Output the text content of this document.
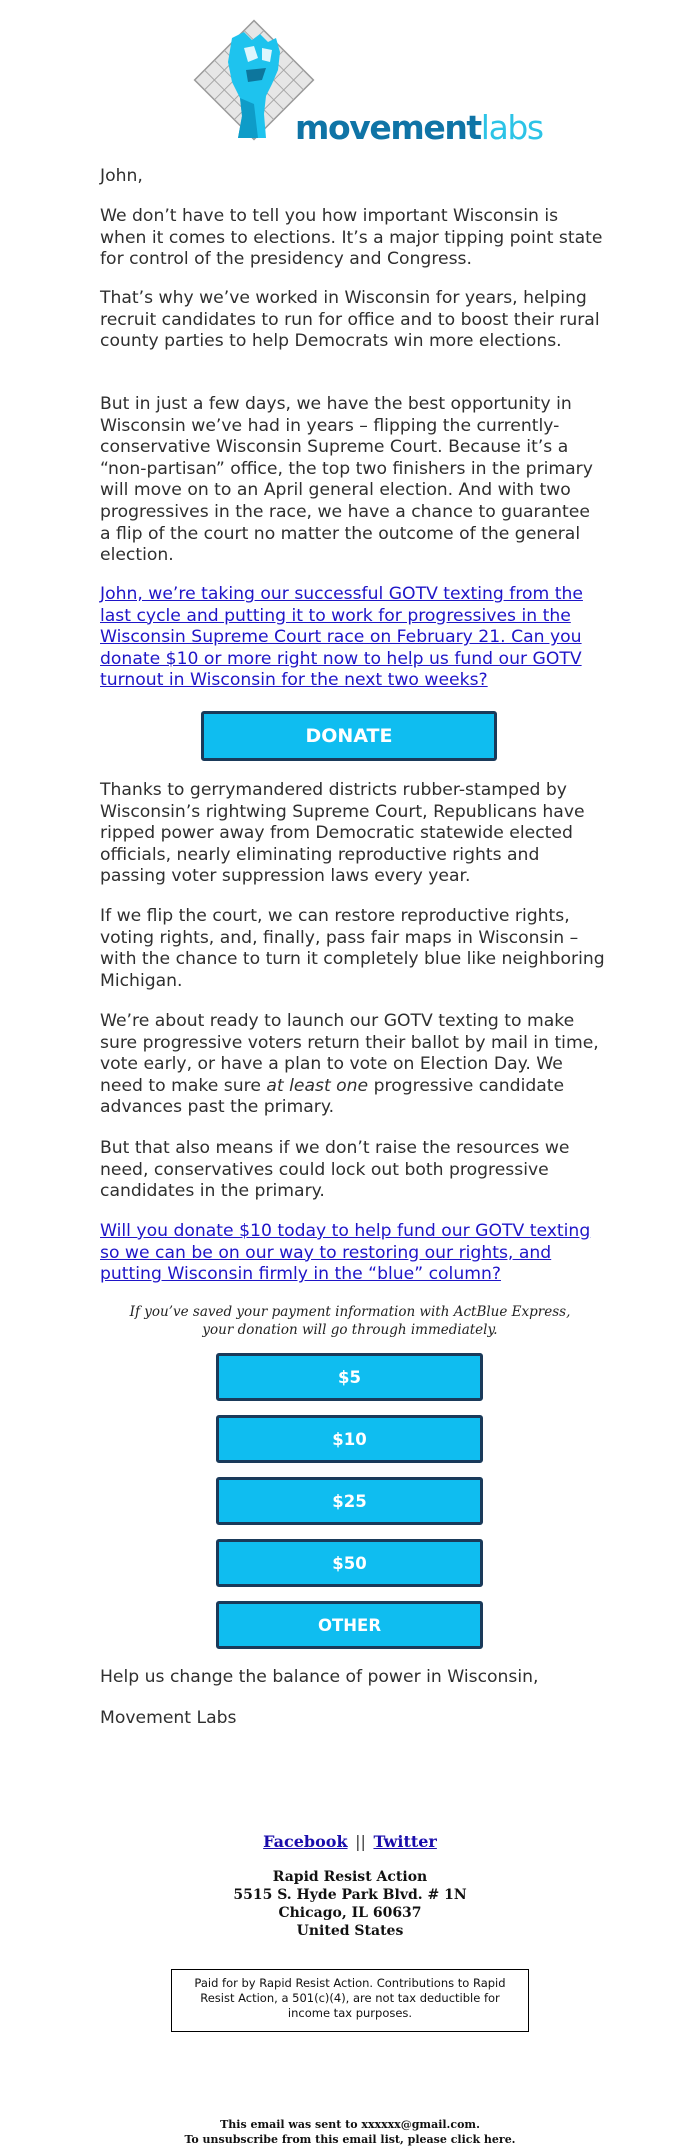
movementlabs

John,

We don’t have to tell you how important Wisconsin is when it comes to elections. It’s a major tipping point state for control of the presidency and Congress.

That’s why we’ve worked in Wisconsin for years, helping recruit candidates to run for office and to boost their rural county parties to help Democrats win more elections.

But in just a few days, we have the best opportunity in Wisconsin we’ve had in years – flipping the currently-conservative Wisconsin Supreme Court. Because it’s a “non-partisan” office, the top two finishers in the primary will move on to an April general election. And with two progressives in the race, we have a chance to guarantee a flip of the court no matter the outcome of the general election.

John, we’re taking our successful GOTV texting from the last cycle and putting it to work for progressives in the Wisconsin Supreme Court race on February 21. Can you donate $10 or more right now to help us fund our GOTV turnout in Wisconsin for the next two weeks?

DONATE

Thanks to gerrymandered districts rubber-stamped by Wisconsin’s rightwing Supreme Court, Republicans have ripped power away from Democratic statewide elected officials, nearly eliminating reproductive rights and passing voter suppression laws every year.

If we flip the court, we can restore reproductive rights, voting rights, and, finally, pass fair maps in Wisconsin – with the chance to turn it completely blue like neighboring Michigan.

We’re about ready to launch our GOTV texting to make sure progressive voters return their ballot by mail in time, vote early, or have a plan to vote on Election Day. We need to make sure at least one progressive candidate advances past the primary.

But that also means if we don’t raise the resources we need, conservatives could lock out both progressive candidates in the primary.

Will you donate $10 today to help fund our GOTV texting so we can be on our way to restoring our rights, and putting Wisconsin firmly in the “blue” column?

If you’ve saved your payment information with ActBlue Express, your donation will go through immediately.

$5
$10
$25
$50
OTHER

Help us change the balance of power in Wisconsin,

Movement Labs

Facebook || Twitter
Rapid Resist Action
5515 S. Hyde Park Blvd. # 1N
Chicago, IL 60637
United States
Paid for by Rapid Resist Action. Contributions to Rapid Resist Action, a 501(c)(4), are not tax deductible for income tax purposes.
This email was sent to xxxxxx@gmail.com.
To unsubscribe from this email list, please click here.
